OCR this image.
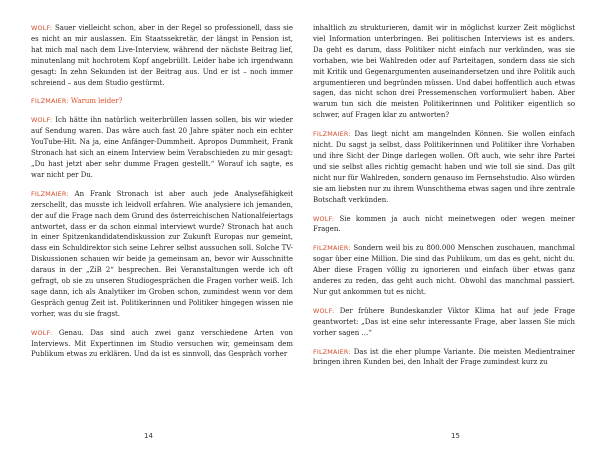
WOLF: Sauer vielleicht schon, aber in der Regel so professionell, dass sie es nicht an mir auslassen. Ein Staatssekretär, der längst in Pension ist, hat mich mal nach dem Live-Interview, während der nächste Beitrag lief, minutenlang mit hochrotem Kopf angebrüllt. Leider habe ich irgendwann gesagt: In zehn Sekunden ist der Beitrag aus. Und er ist – noch immer schreiend – aus dem Studio gestürmt.

FILZMAIER: Warum leider?

WOLF: Ich hätte ihn natürlich weiterbrüllen lassen sollen, bis wir wieder auf Sendung waren. Das wäre auch fast 20 Jahre später noch ein echter YouTube-Hit. Na ja, eine Anfänger-Dummheit. Apropos Dummheit, Frank Stronach hat sich an einem Interview beim Verabschieden zu mir gesagt: „Du hast jetzt aber sehr dumme Fragen gestellt.“ Worauf ich sagte, es war nicht per Du.

FILZMAIER: An Frank Stronach ist aber auch jede Analysefähigkeit zerschellt, das musste ich leidvoll erfahren. Wie analysiere ich jemanden, der auf die Frage nach dem Grund des österreichischen Nationalfeiertags antwortet, dass er da schon einmal interviewt wurde? Stronach hat auch in einer Spitzenkandidatendiskussion zur Zukunft Europas nur gemeint, dass ein Schuldirektor sich seine Lehrer selbst aussuchen soll. Solche TV-Diskussionen schauen wir beide ja gemeinsam an, bevor wir Ausschnitte daraus in der „ZiB 2“ besprechen. Bei Veranstaltungen werde ich oft gefragt, ob sie zu unseren Studiogesprächen die Fragen vorher weiß. Ich sage dann, ich als Analytiker im Groben schon, zumindest wenn vor dem Gespräch genug Zeit ist. Politikerinnen und Politiker hingegen wissen nie vorher, was du sie fragst.

WOLF: Genau. Das sind auch zwei ganz verschiedene Arten von Interviews. Mit Expertinnen im Studio versuchen wir, gemeinsam dem Publikum etwas zu erklären. Und da ist es sinnvoll, das Gespräch vorher

14

inhaltlich zu strukturieren, damit wir in möglichst kurzer Zeit möglichst viel Information unterbringen. Bei politischen Interviews ist es anders. Da geht es darum, dass Politiker nicht einfach nur verkünden, was sie vorhaben, wie bei Wahlreden oder auf Parteitagen, sondern dass sie sich mit Kritik und Gegenargumenten auseinandersetzen und ihre Politik auch argumentieren und begründen müssen. Und dabei hoffentlich auch etwas sagen, das nicht schon drei Pressemenschen vorformuliert haben. Aber warum tun sich die meisten Politikerinnen und Politiker eigentlich so schwer, auf Fragen klar zu antworten?

FILZMAIER: Das liegt nicht am mangelnden Können. Sie wollen einfach nicht. Du sagst ja selbst, dass Politikerinnen und Politiker ihre Vorhaben und ihre Sicht der Dinge darlegen wollen. Oft auch, wie sehr ihre Partei und sie selbst alles richtig gemacht haben und wie toll sie sind. Das gilt nicht nur für Wahlreden, sondern genauso im Fernsehstudio. Also würden sie am liebsten nur zu ihrem Wunschthema etwas sagen und ihre zentrale Botschaft verkünden.

WOLF: Sie kommen ja auch nicht meinetwegen oder wegen meiner Fragen.

FILZMAIER: Sondern weil bis zu 800.000 Menschen zuschauen, manchmal sogar über eine Million. Die sind das Publikum, um das es geht, nicht du. Aber diese Fragen völlig zu ignorieren und einfach über etwas ganz anderes zu reden, das geht auch nicht. Obwohl das manchmal passiert. Nur gut ankommen tut es nicht.

WOLF: Der frühere Bundeskanzler Viktor Klima hat auf jede Frage geantwortet: „Das ist eine sehr interessante Frage, aber lassen Sie mich vorher sagen …“

FILZMAIER: Das ist die eher plumpe Variante. Die meisten Medientrainer bringen ihren Kunden bei, den Inhalt der Frage zumindest kurz zu

15
